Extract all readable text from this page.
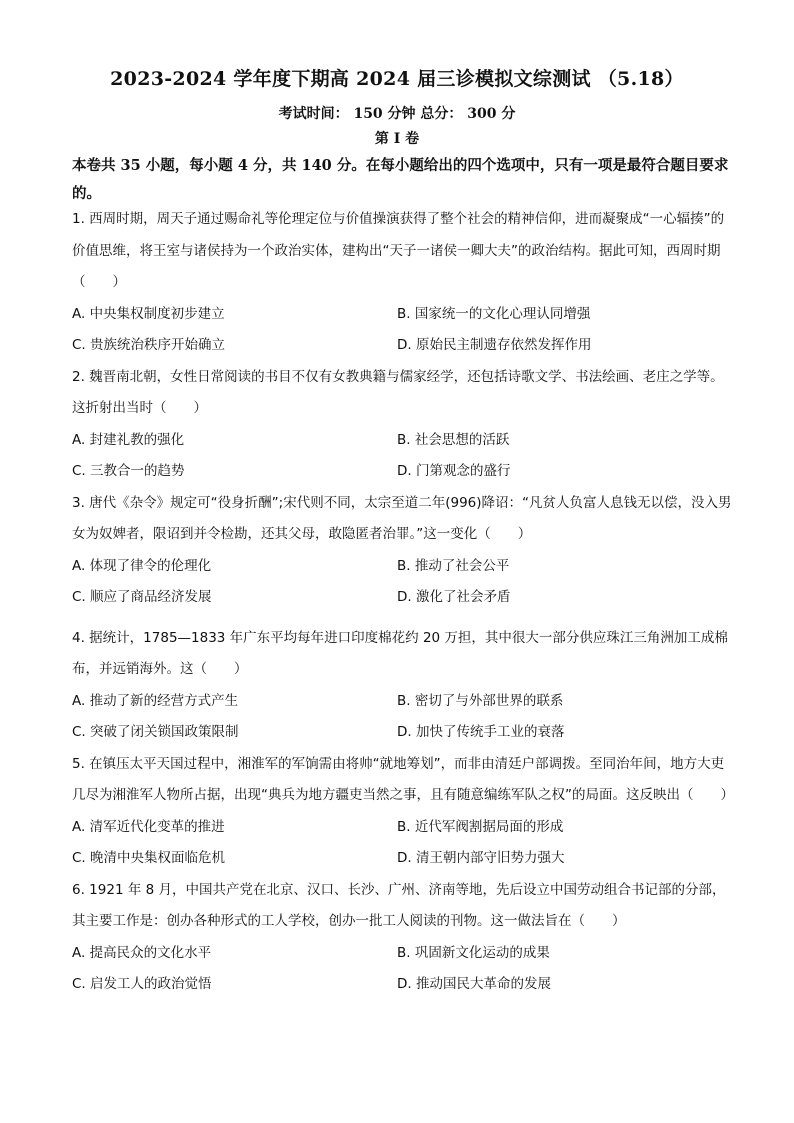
2023-2024 学年度下期高 2024 届三诊模拟文综测试 （5.18）
考试时间： 150 分钟 总分： 300 分
第 I 卷
本卷共 35 小题，每小题 4 分，共 140 分。在每小题给出的四个选项中，只有一项是最符合题目要求的。

1. 西周时期，周天子通过赐命礼等伦理定位与价值操演获得了整个社会的精神信仰，进而凝聚成“一心辐揍”的价值思维，将王室与诸侯持为一个政治实体，建构出“天子一诸侯一卿大夫”的政治结构。据此可知，西周时期（　　）

A. 中央集权制度初步建立	B. 国家统一的文化心理认同增强
C. 贵族统治秩序开始确立	D. 原始民主制遗存依然发挥作用

2. 魏晋南北朝，女性日常阅读的书目不仅有女教典籍与儒家经学，还包括诗歌文学、书法绘画、老庄之学等。这折射出当时（　　）

A. 封建礼教的强化	B. 社会思想的活跃
C. 三教合一的趋势	D. 门第观念的盛行

3. 唐代《杂令》规定可“役身折酬”;宋代则不同，太宗至道二年(996)降诏：“凡贫人负富人息钱无以偿，没入男女为奴婢者，限诏到并令检勘，还其父母，敢隐匿者治罪。”这一变化（　　）

A. 体现了律令的伦理化	B. 推动了社会公平
C. 顺应了商品经济发展	D. 激化了社会矛盾

4. 据统计，1785—1833 年广东平均每年进口印度棉花约 20 万担，其中很大一部分供应珠江三角洲加工成棉布，并远销海外。这（　　）

A. 推动了新的经营方式产生	B. 密切了与外部世界的联系
C. 突破了闭关锁国政策限制	D. 加快了传统手工业的衰落

5. 在镇压太平天国过程中，湘淮军的军饷需由将帅“就地筹划”，而非由清廷户部调拨。至同治年间，地方大吏几尽为湘淮军人物所占据，出现“典兵为地方疆吏当然之事，且有随意编练军队之权”的局面。这反映出（　　）

A. 清军近代化变革的推进	B. 近代军阀割据局面的形成
C. 晚清中央集权面临危机	D. 清王朝内部守旧势力强大

6. 1921 年 8 月，中国共产党在北京、汉口、长沙、广州、济南等地，先后设立中国劳动组合书记部的分部，其主要工作是：创办各种形式的工人学校，创办一批工人阅读的刊物。这一做法旨在（　　）

A. 提高民众的文化水平	B. 巩固新文化运动的成果
C. 启发工人的政治觉悟	D. 推动国民大革命的发展
